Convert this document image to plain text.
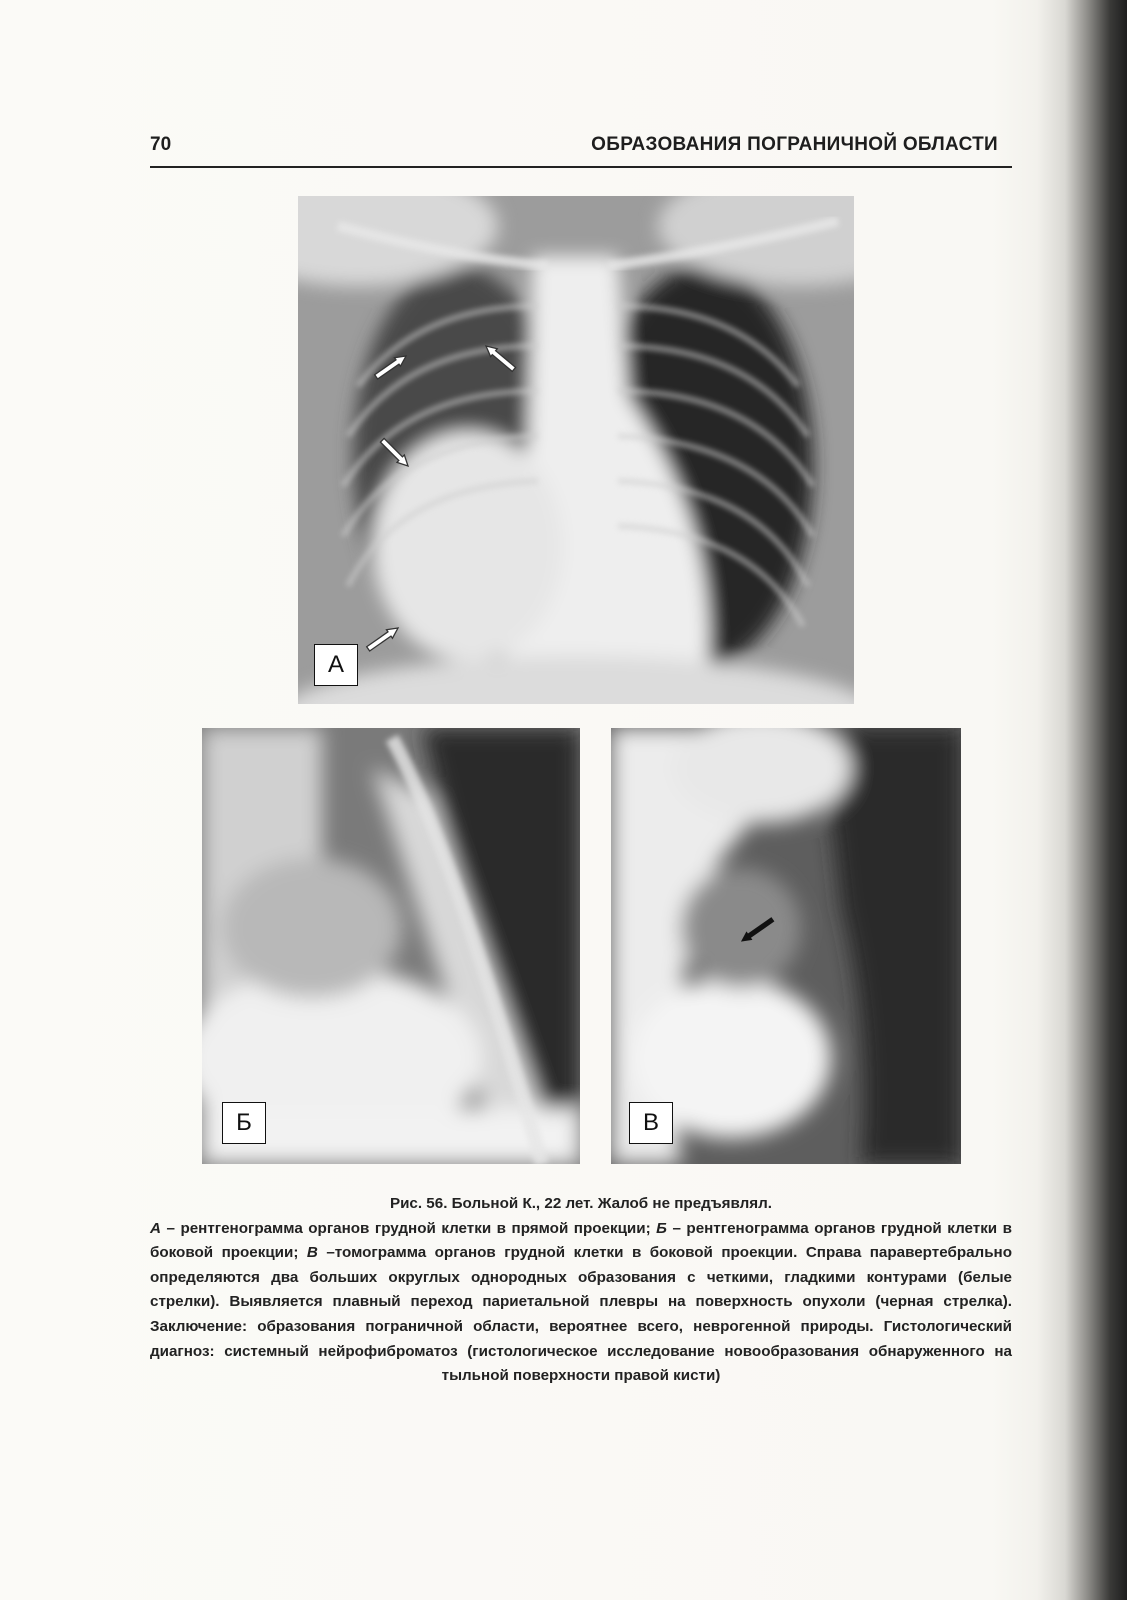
70	ОБРАЗОВАНИЯ ПОГРАНИЧНОЙ ОБЛАСТИ
А
Б	В
Рис. 56. Больной К., 22 лет. Жалоб не предъявлял.
А – рентгенограмма органов грудной клетки в прямой проекции; Б – рентгенограмма органов грудной клетки в боковой проекции; В –томограмма органов грудной клетки в боковой проекции. Справа паравертебрально определяются два больших округлых однородных образования с четкими, гладкими контурами (белые стрелки). Выявляется плавный переход париетальной плевры на поверхность опухоли (черная стрелка). Заключение: образования пограничной области, вероятнее всего, неврогенной природы. Гистологический диагноз: системный нейрофиброматоз (гистологическое исследование новообразования обнаруженного на тыльной поверхности правой кисти)
